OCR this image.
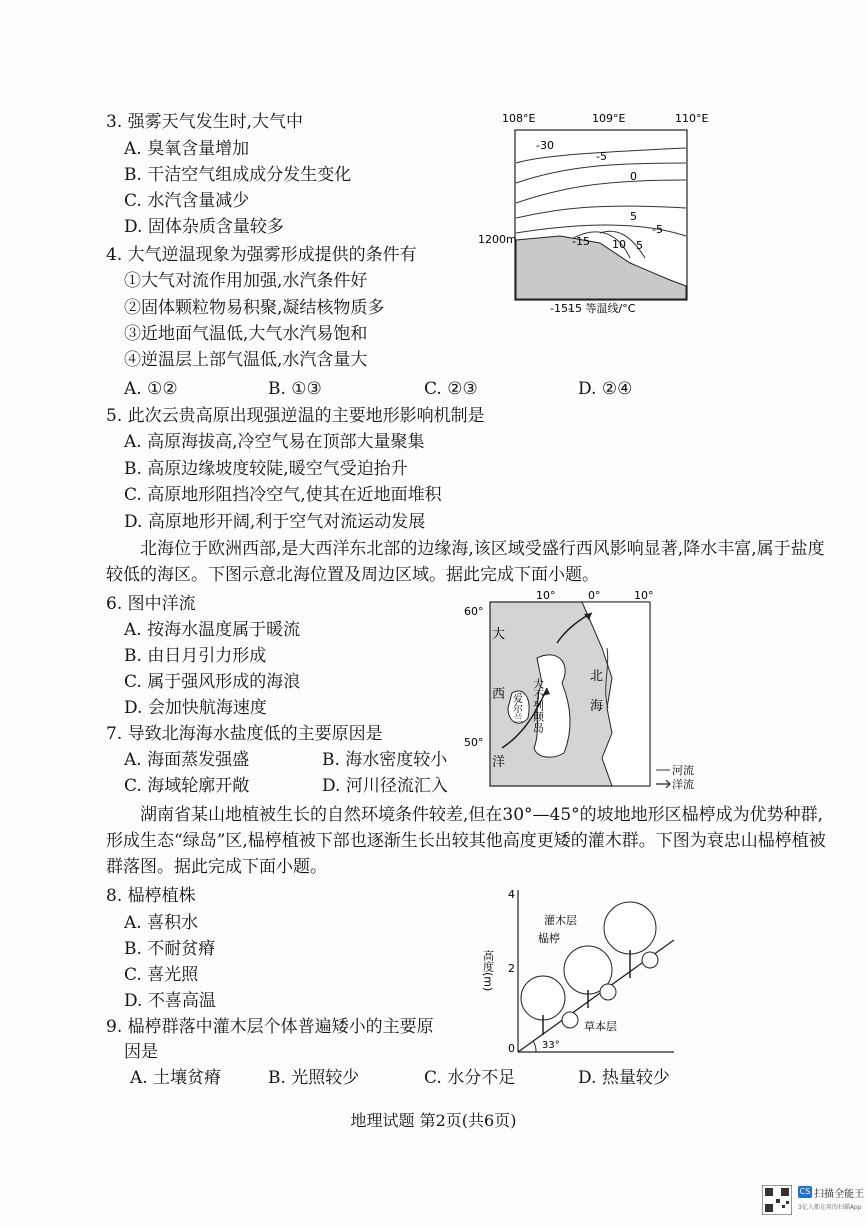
3. 强雾天气发生时,大气中
A. 臭氧含量增加
B. 干洁空气组成成分发生变化
C. 水汽含量减少
D. 固体杂质含量较多
4. 大气逆温现象为强雾形成提供的条件有
①大气对流作用加强,水汽条件好
②固体颗粒物易积聚,凝结核物质多
③近地面气温低,大气水汽易饱和
④逆温层上部气温低,水汽含量大
A. ①②	B. ①③	C. ②③	D. ②④
5. 此次云贵高原出现强逆温的主要地形影响机制是
A. 高原海拔高,冷空气易在顶部大量聚集
B. 高原边缘坡度较陡,暖空气受迫抬升
C. 高原地形阻挡冷空气,使其在近地面堆积
D. 高原地形开阔,利于空气对流运动发展
北海位于欧洲西部,是大西洋东北部的边缘海,该区域受盛行西风影响显著,降水丰富,属于盐度较低的海区。下图示意北海位置及周边区域。据此完成下面小题。
6. 图中洋流
A. 按海水温度属于暖流
B. 由日月引力形成
C. 属于强风形成的海浪
D. 会加快航海速度
7. 导致北海海水盐度低的主要原因是
A. 海面蒸发强盛	B. 海水密度较小
C. 海域轮廓开敞	D. 河川径流汇入
湖南省某山地植被生长的自然环境条件较差,但在30°—45°的坡地地形区榀楟成为优势种群,形成生态“绿岛”区,榀楟植被下部也逐渐生长出较其他高度更矮的灌木群。下图为衰忠山榀楟植被群落图。据此完成下面小题。
8. 榀楟植株
A. 喜积水
B. 不耐贫瘠
C. 喜光照
D. 不喜高温
9. 榀楟群落中灌木层个体普遍矮小的主要原
因是
A. 土壤贫瘠	B. 光照较少	C. 水分不足	D. 热量较少
108°E	109°E	110°E
-30
-5
0
5
-5
-15 10 5
1200m
-15-
15 等温线/°C
10°	0°	10°
60°
50°
大
西
洋
北
海
大不列颠岛
爱尔兰
河流
洋流
4
2
0
高度(m)
灌木层
榀楟
草本层
33°
地理试题 第2页(共6页)
CS 扫描全能王
3亿人都在用的扫描App
